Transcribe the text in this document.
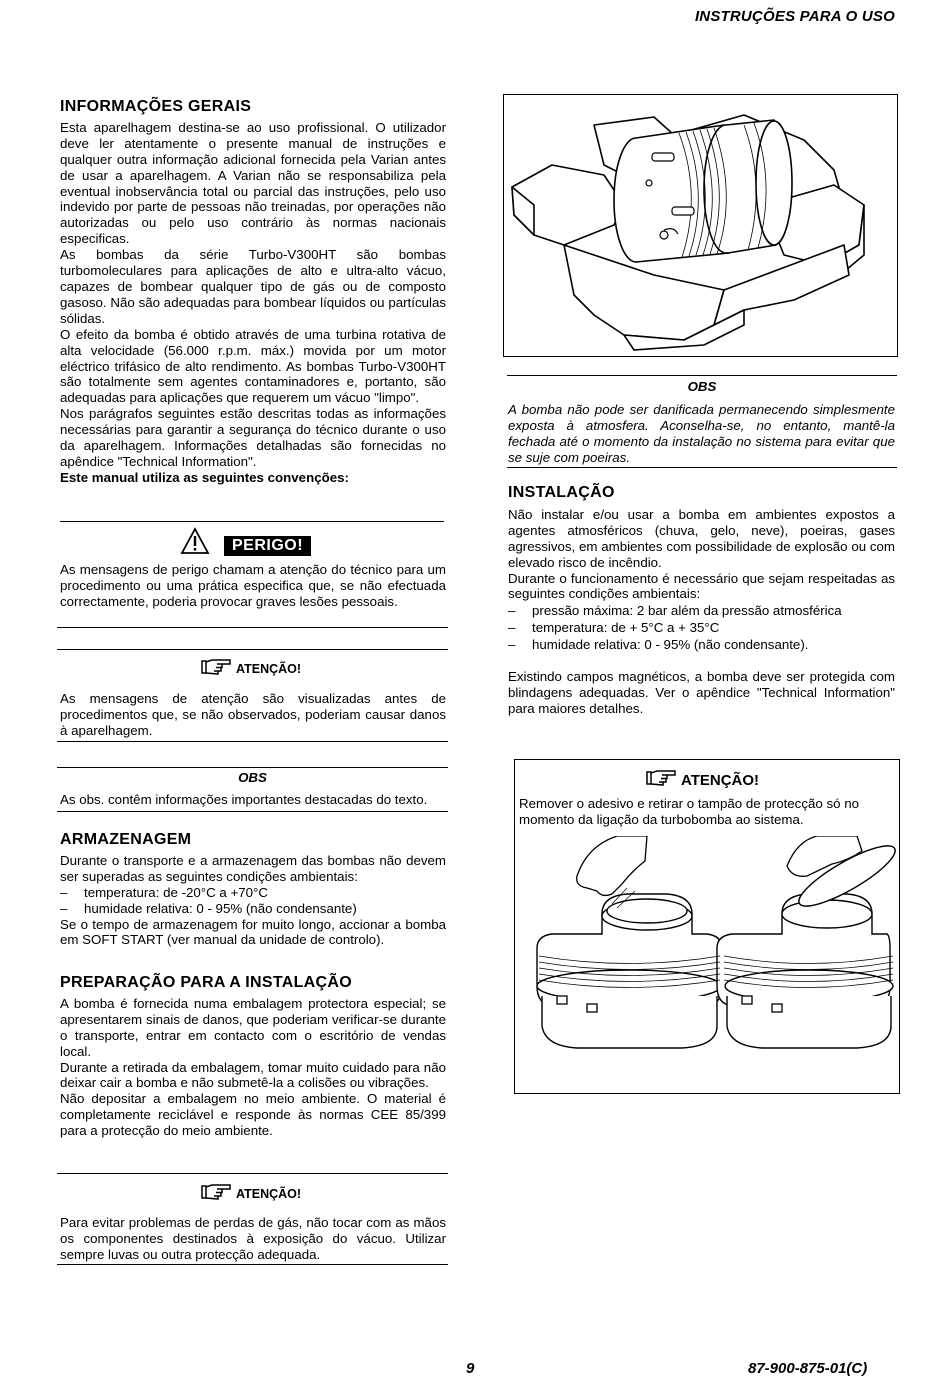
INSTRUÇÕES PARA O USO
INFORMAÇÕES GERAIS

Esta aparelhagem destina-se ao uso profissional. O utilizador deve ler atentamente o presente manual de instruções e qualquer outra informação adicional fornecida pela Varian antes de usar a aparelhagem. A Varian não se responsabiliza pela eventual inobservância total ou parcial das instruções, pelo uso indevido por parte de pessoas não treinadas, por operações não autorizadas ou pelo uso contrário às normas nacionais especificas.

As bombas da série Turbo-V300HT são bombas turbomoleculares para aplicações de alto e ultra-alto vácuo, capazes de bombear qualquer tipo de gás ou de composto gasoso. Não são adequadas para bombear líquidos ou partículas sólidas.

O efeito da bomba é obtido através de uma turbina rotativa de alta velocidade (56.000 r.p.m. máx.) movida por um motor eléctrico trifásico de alto rendimento. As bombas Turbo-V300HT são totalmente sem agentes contaminadores e, portanto, são adequadas para aplicações que requerem um vácuo "limpo".

Nos parágrafos seguintes estão descritas todas as informações necessárias para garantir a segurança do técnico durante o uso da aparelhagem. Informações detalhadas são fornecidas no apêndice "Technical Information".

Este manual utiliza as seguintes convenções:

PERIGO!

As mensagens de perigo chamam a atenção do técnico para um procedimento ou uma prática especifica que, se não efectuada correctamente, poderia provocar graves lesões pessoais.

ATENÇÃO!

As mensagens de atenção são visualizadas antes de procedimentos que, se não observados, poderiam causar danos à aparelhagem.

OBS

As obs. contêm informações importantes destacadas do texto.

ARMAZENAGEM

Durante o transporte e a armazenagem das bombas não devem ser superadas as seguintes condições ambientais:

– temperatura: de -20°C a +70°C
– humidade relativa: 0 - 95% (não condensante)

Se o tempo de armazenagem for muito longo, accionar a bomba em SOFT START (ver manual da unidade de controlo).

PREPARAÇÃO PARA A INSTALAÇÃO

A bomba é fornecida numa embalagem protectora especial; se apresentarem sinais de danos, que poderiam verificar-se durante o transporte, entrar em contacto com o escritório de vendas local.

Durante a retirada da embalagem, tomar muito cuidado para não deixar cair a bomba e não submetê-la a colisões ou vibrações.

Não depositar a embalagem no meio ambiente. O material é completamente reciclável e responde às normas CEE 85/399 para a protecção do meio ambiente.

ATENÇÃO!

Para evitar problemas de perdas de gás, não tocar com as mãos os componentes destinados à exposição do vácuo. Utilizar sempre luvas ou outra protecção adequada.

OBS

A bomba não pode ser danificada permanecendo simplesmente exposta à atmosfera. Aconselha-se, no entanto, mantê-la fechada até o momento da instalação no sistema para evitar que se suje com poeiras.

INSTALAÇÃO

Não instalar e/ou usar a bomba em ambientes expostos a agentes atmosféricos (chuva, gelo, neve), poeiras, gases agressivos, em ambientes com possibilidade de explosão ou com elevado risco de incêndio.

Durante o funcionamento é necessário que sejam respeitadas as seguintes condições ambientais:

– pressão máxima: 2 bar além da pressão atmosférica
– temperatura: de + 5°C a + 35°C
– humidade relativa: 0 - 95% (não condensante).

Existindo campos magnéticos, a bomba deve ser protegida com blindagens adequadas. Ver o apêndice "Technical Information" para maiores detalhes.

ATENÇÃO!

Remover o adesivo e retirar o tampão de protecção só no momento da ligação da turbobomba ao sistema.

9	87-900-875-01(C)
